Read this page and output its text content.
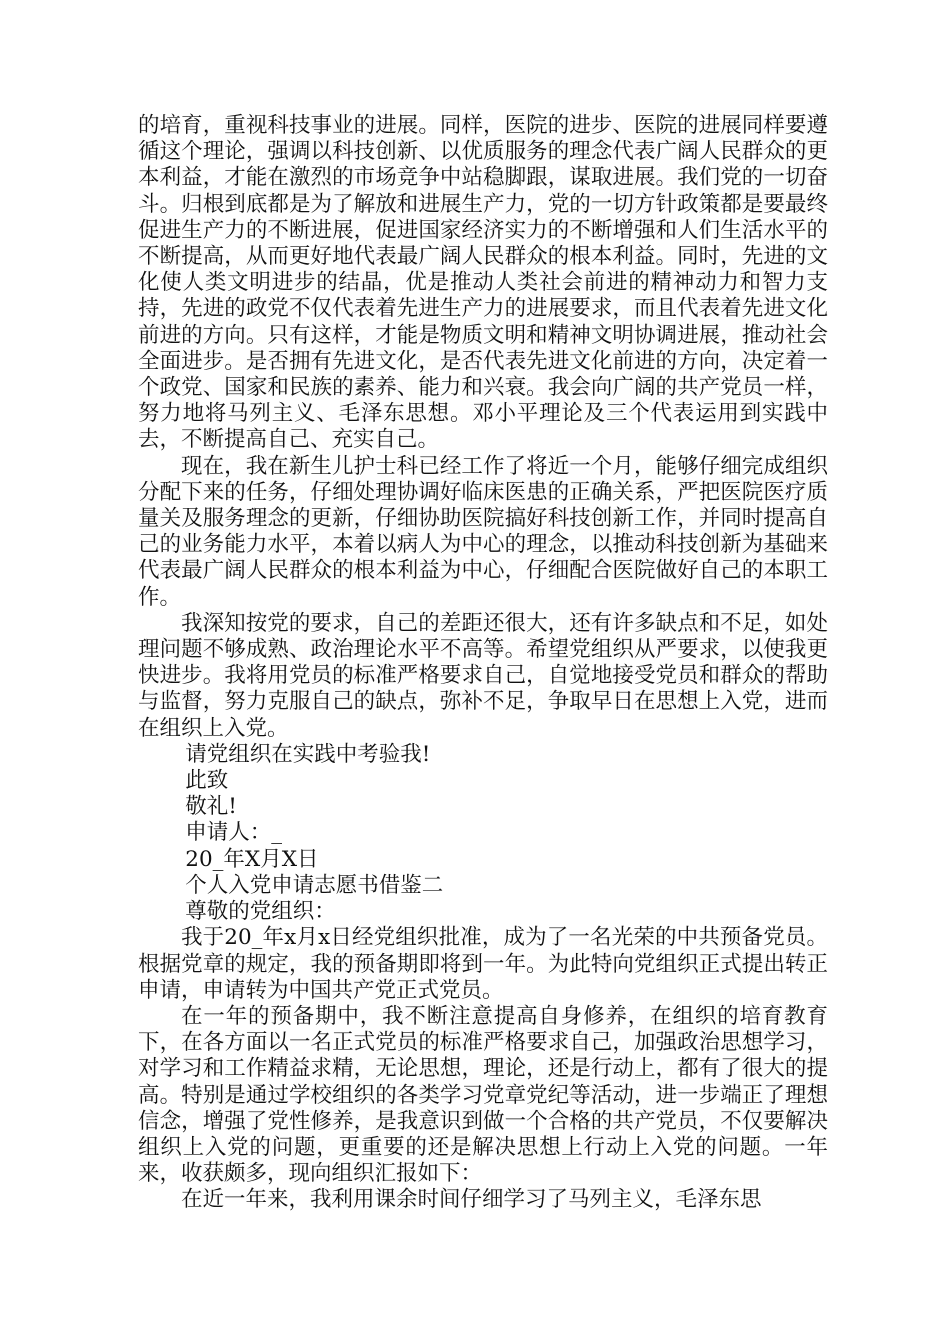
的培育，重视科技事业的进展。同样，医院的进步、医院的进展同样要遵循这个理论，强调以科技创新、以优质服务的理念代表广阔人民群众的更本利益，才能在激烈的市场竞争中站稳脚跟，谋取进展。我们党的一切奋斗。归根到底都是为了解放和进展生产力，党的一切方针政策都是要最终促进生产力的不断进展，促进国家经济实力的不断增强和人们生活水平的不断提高，从而更好地代表最广阔人民群众的根本利益。同时，先进的文化使人类文明进步的结晶，优是推动人类社会前进的精神动力和智力支持，先进的政党不仅代表着先进生产力的进展要求，而且代表着先进文化前进的方向。只有这样，才能是物质文明和精神文明协调进展，推动社会全面进步。是否拥有先进文化，是否代表先进文化前进的方向，决定着一个政党、国家和民族的素养、能力和兴衰。我会向广阔的共产党员一样，努力地将马列主义、毛泽东思想。邓小平理论及三个代表运用到实践中去，不断提高自己、充实自己。

现在，我在新生儿护士科已经工作了将近一个月，能够仔细完成组织分配下来的任务，仔细处理协调好临床医患的正确关系，严把医院医疗质量关及服务理念的更新，仔细协助医院搞好科技创新工作，并同时提高自己的业务能力水平，本着以病人为中心的理念，以推动科技创新为基础来代表最广阔人民群众的根本利益为中心，仔细配合医院做好自己的本职工作。

我深知按党的要求，自己的差距还很大，还有许多缺点和不足，如处理问题不够成熟、政治理论水平不高等。希望党组织从严要求，以使我更快进步。我将用党员的标准严格要求自己，自觉地接受党员和群众的帮助与监督，努力克服自己的缺点，弥补不足，争取早日在思想上入党，进而在组织上入党。

请党组织在实践中考验我!

此致

敬礼!

申请人：_

20_年X月X日

个人入党申请志愿书借鉴二

尊敬的党组织：

我于20_年x月x日经党组织批准，成为了一名光荣的中共预备党员。根据党章的规定，我的预备期即将到一年。为此特向党组织正式提出转正申请，申请转为中国共产党正式党员。

在一年的预备期中，我不断注意提高自身修养，在组织的培育教育下，在各方面以一名正式党员的标准严格要求自己，加强政治思想学习，对学习和工作精益求精，无论思想，理论，还是行动上，都有了很大的提高。特别是通过学校组织的各类学习党章党纪等活动，进一步端正了理想信念，增强了党性修养，是我意识到做一个合格的共产党员，不仅要解决组织上入党的问题，更重要的还是解决思想上行动上入党的问题。一年来，收获颇多，现向组织汇报如下：

在近一年来，我利用课余时间仔细学习了马列主义，毛泽东思
